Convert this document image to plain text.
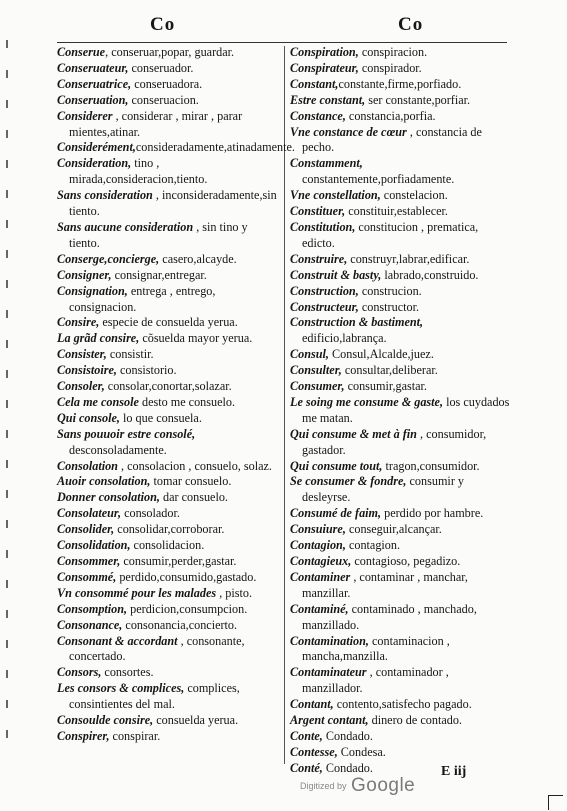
Co	Co

Conserue, conseruar,popar, guardar.

Conseruateur, conseruador.

Conseruatrice, conseruadora.

Conseruation, conseruacion.

Considerer , considerar , mirar , parar mientes,atinar.

Considerément,consideradamente,atinadamente.

Consideration, tino , mirada,consideracion,tiento.

Sans consideration , inconsideradamente,sin tiento.

Sans aucune consideration , sin tino y tiento.

Conserge,concierge, casero,alcayde.

Consigner, consignar,entregar.

Consignation, entrega , entrego, consignacion.

Consire, especie de consuelda yerua.

La grãd consire, cõsuelda mayor yerua.

Consister, consistir.

Consistoire, consistorio.

Consoler, consolar,conortar,solazar.

Cela me console desto me consuelo.

Qui console, lo que consuela.

Sans pouuoir estre consolé, desconsoladamente.

Consolation , consolacion , consuelo, solaz.

Auoir consolation, tomar consuelo.

Donner consolation, dar consuelo.

Consolateur, consolador.

Consolider, consolidar,corroborar.

Consolidation, consolidacion.

Consommer, consumir,perder,gastar.

Consommé, perdido,consumido,gastado.

Vn consommé pour les malades , pisto.

Consomption, perdicion,consumpcion.

Consonance, consonancia,concierto.

Consonant & accordant , consonante, concertado.

Consors, consortes.

Les consors & complices, complices, consintientes del mal.

Consoulde consire, consuelda yerua.

Conspirer, conspirar.

Conspiration, conspiracion.

Conspirateur, conspirador.

Constant,constante,firme,porfiado.

Estre constant, ser constante,porfiar.

Constance, constancia,porfia.

Vne constance de cœur , constancia de pecho.

Constamment, constantemente,porfiadamente.

Vne constellation, constelacion.

Constituer, constituir,establecer.

Constitution, constitucion , prematica, edicto.

Construire, construyr,labrar,edificar.

Construit & basty, labrado,construido.

Construction, construcion.

Constructeur, constructor.

Construction & bastiment, edificio,labrança.

Consul, Consul,Alcalde,juez.

Consulter, consultar,deliberar.

Consumer, consumir,gastar.

Le soing me consume & gaste, los cuydados me matan.

Qui consume & met à fin , consumidor, gastador.

Qui consume tout, tragon,consumidor.

Se consumer & fondre, consumir y desleyrse.

Consumé de faim, perdido por hambre.

Consuiure, conseguir,alcançar.

Contagion, contagion.

Contagieux, contagioso, pegadizo.

Contaminer , contaminar , manchar, manzillar.

Contaminé, contaminado , manchado, manzillado.

Contamination, contaminacion , mancha,manzilla.

Contaminateur , contaminador , manzillador.

Contant, contento,satisfecho pagado.

Argent contant, dinero de contado.

Conte, Condado.

Contesse, Condesa.

Conté, Condado.	E iij
Digitized by Google
